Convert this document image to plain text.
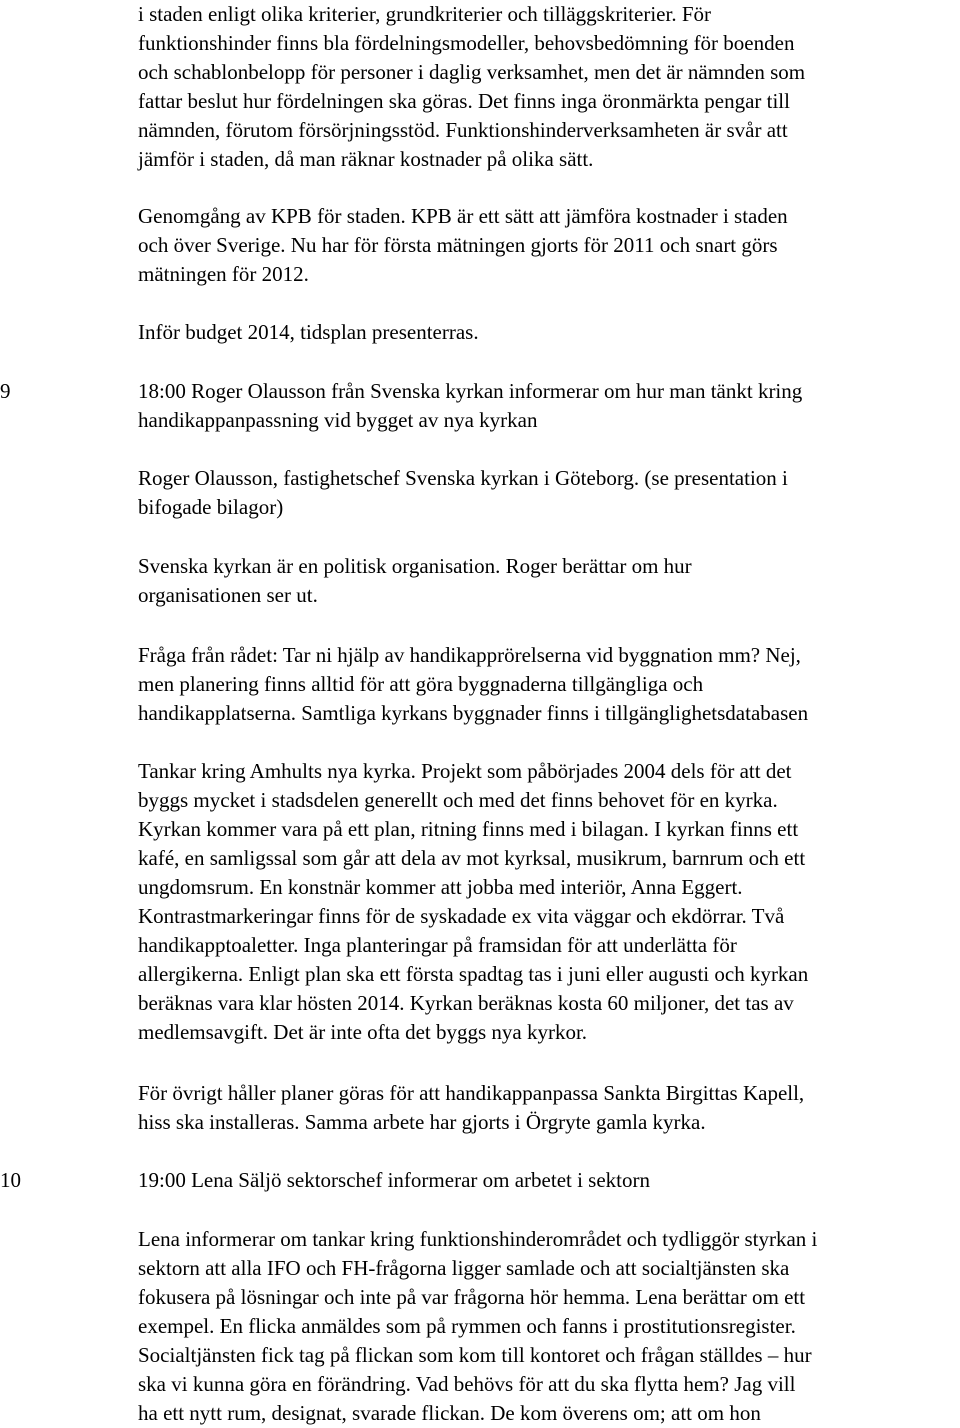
i staden enligt olika kriterier, grundkriterier och tilläggskriterier. För
funktionshinder finns bla fördelningsmodeller, behovsbedömning för boenden
och schablonbelopp för personer i daglig verksamhet, men det är nämnden som
fattar beslut hur fördelningen ska göras. Det finns inga öronmärkta pengar till
nämnden, förutom försörjningsstöd. Funktionshinderverksamheten är svår att
jämför i staden, då man räknar kostnader på olika sätt.

Genomgång av KPB för staden. KPB är ett sätt att jämföra kostnader i staden
och över Sverige. Nu har för första mätningen gjorts för 2011 och snart görs
mätningen för 2012.

Inför budget 2014, tidsplan presenterras.

9	18:00 Roger Olausson från Svenska kyrkan informerar om hur man tänkt kring
handikappanpassning vid bygget av nya kyrkan

Roger Olausson, fastighetschef Svenska kyrkan i Göteborg. (se presentation i
bifogade bilagor)

Svenska kyrkan är en politisk organisation. Roger berättar om hur
organisationen ser ut.

Fråga från rådet: Tar ni hjälp av handikapprörelserna vid byggnation mm? Nej,
men planering finns alltid för att göra byggnaderna tillgängliga och
handikapplatserna. Samtliga kyrkans byggnader finns i tillgänglighetsdatabasen

Tankar kring Amhults nya kyrka. Projekt som påbörjades 2004 dels för att det
byggs mycket i stadsdelen generellt och med det finns behovet för en kyrka.
Kyrkan kommer vara på ett plan, ritning finns med i bilagan. I kyrkan finns ett
kafé, en samligssal som går att dela av mot kyrksal, musikrum, barnrum och ett
ungdomsrum. En konstnär kommer att jobba med interiör, Anna Eggert.
Kontrastmarkeringar finns för de syskadade ex vita väggar och ekdörrar. Två
handikapptoaletter. Inga planteringar på framsidan för att underlätta för
allergikerna. Enligt plan ska ett första spadtag tas i juni eller augusti och kyrkan
beräknas vara klar hösten 2014. Kyrkan beräknas kosta 60 miljoner, det tas av
medlemsavgift. Det är inte ofta det byggs nya kyrkor.

För övrigt håller planer göras för att handikappanpassa Sankta Birgittas Kapell,
hiss ska installeras. Samma arbete har gjorts i Örgryte gamla kyrka.

10	19:00 Lena Säljö sektorschef informerar om arbetet i sektorn

Lena informerar om tankar kring funktionshinderområdet och tydliggör styrkan i
sektorn att alla IFO och FH-frågorna ligger samlade och att socialtjänsten ska
fokusera på lösningar och inte på var frågorna hör hemma. Lena berättar om ett
exempel. En flicka anmäldes som på rymmen och fanns i prostitutionsregister.
Socialtjänsten fick tag på flickan som kom till kontoret och frågan ställdes – hur
ska vi kunna göra en förändring. Vad behövs för att du ska flytta hem? Jag vill
ha ett nytt rum, designat, svarade flickan. De kom överens om; att om hon
